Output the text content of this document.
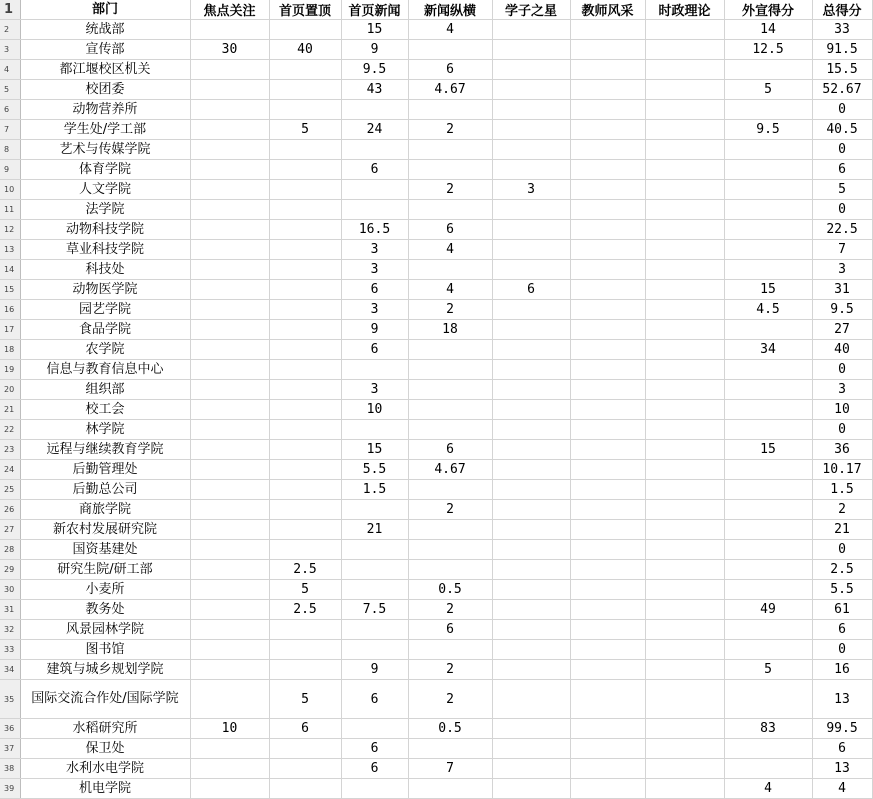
1	部门	焦点关注	首页置顶	首页新闻	新闻纵横	学子之星	教师风采	时政理论	外宣得分	总得分
2	统战部			15	4				14	33
3	宣传部	30	40	9					12.5	91.5
4	都江堰校区机关			9.5	6					15.5
5	校团委			43	4.67				5	52.67
6	动物营养所									0
7	学生处/学工部		5	24	2				9.5	40.5
8	艺术与传媒学院									0
9	体育学院			6						6
10	人文学院				2	3				5
11	法学院									0
12	动物科技学院			16.5	6					22.5
13	草业科技学院			3	4					7
14	科技处			3						3
15	动物医学院			6	4	6			15	31
16	园艺学院			3	2				4.5	9.5
17	食品学院			9	18					27
18	农学院			6					34	40
19	信息与教育信息中心									0
20	组织部			3						3
21	校工会			10						10
22	林学院									0
23	远程与继续教育学院			15	6				15	36
24	后勤管理处			5.5	4.67					10.17
25	后勤总公司			1.5						1.5
26	商旅学院				2					2
27	新农村发展研究院			21						21
28	国资基建处									0
29	研究生院/研工部		2.5							2.5
30	小麦所		5		0.5					5.5
31	教务处		2.5	7.5	2				49	61
32	风景园林学院				6					6
33	图书馆									0
34	建筑与城乡规划学院			9	2				5	16
35	国际交流合作处/国际学院		5	6	2					13
36	水稻研究所	10	6		0.5				83	99.5
37	保卫处			6						6
38	水利水电学院			6	7					13
39	机电学院								4	4
